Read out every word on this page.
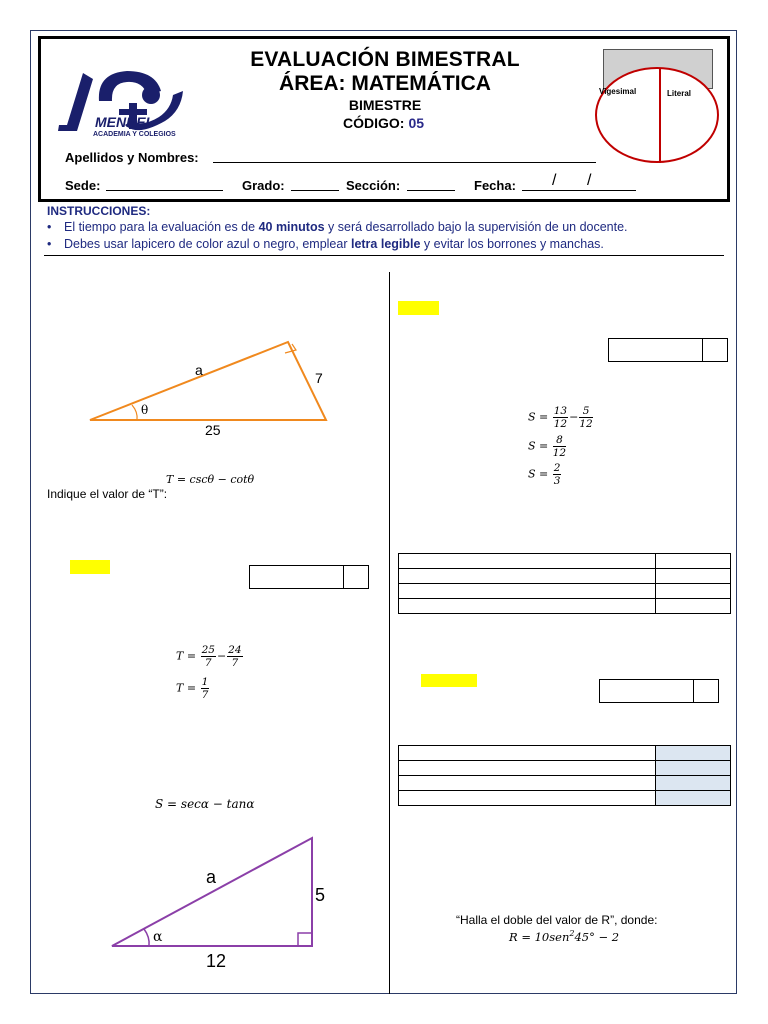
MENDEL
ACADEMIA Y COLEGIOS
EVALUACIÓN BIMESTRAL
ÁREA: MATEMÁTICA
BIMESTRE
CÓDIGO: 05
Vigesimal	Literal
Apellidos y Nombres:
Sede:	Grado:	Sección:	Fecha: / /
INSTRUCCIONES:
• El tiempo para la evaluación es de 40 minutos y será desarrollado bajo la supervisión de un docente.
• Debes usar lapicero de color azul o negro, emplear letra legible y evitar los borrones y manchas.
a	7
25
θ
T = cscθ − cotθ
Indique el valor de “T”:
$T = \frac{25}{7} - \frac{24}{7}$
$T = \frac{1}{7}$
S = secα − tanα
a
5
12
α
$S = \frac{13}{12} - \frac{5}{12}$
$S = \frac{8}{12}$
$S = \frac{2}{3}$

“Halla el doble del valor de R”, donde:
R = 10sen$^2$45° − 2
